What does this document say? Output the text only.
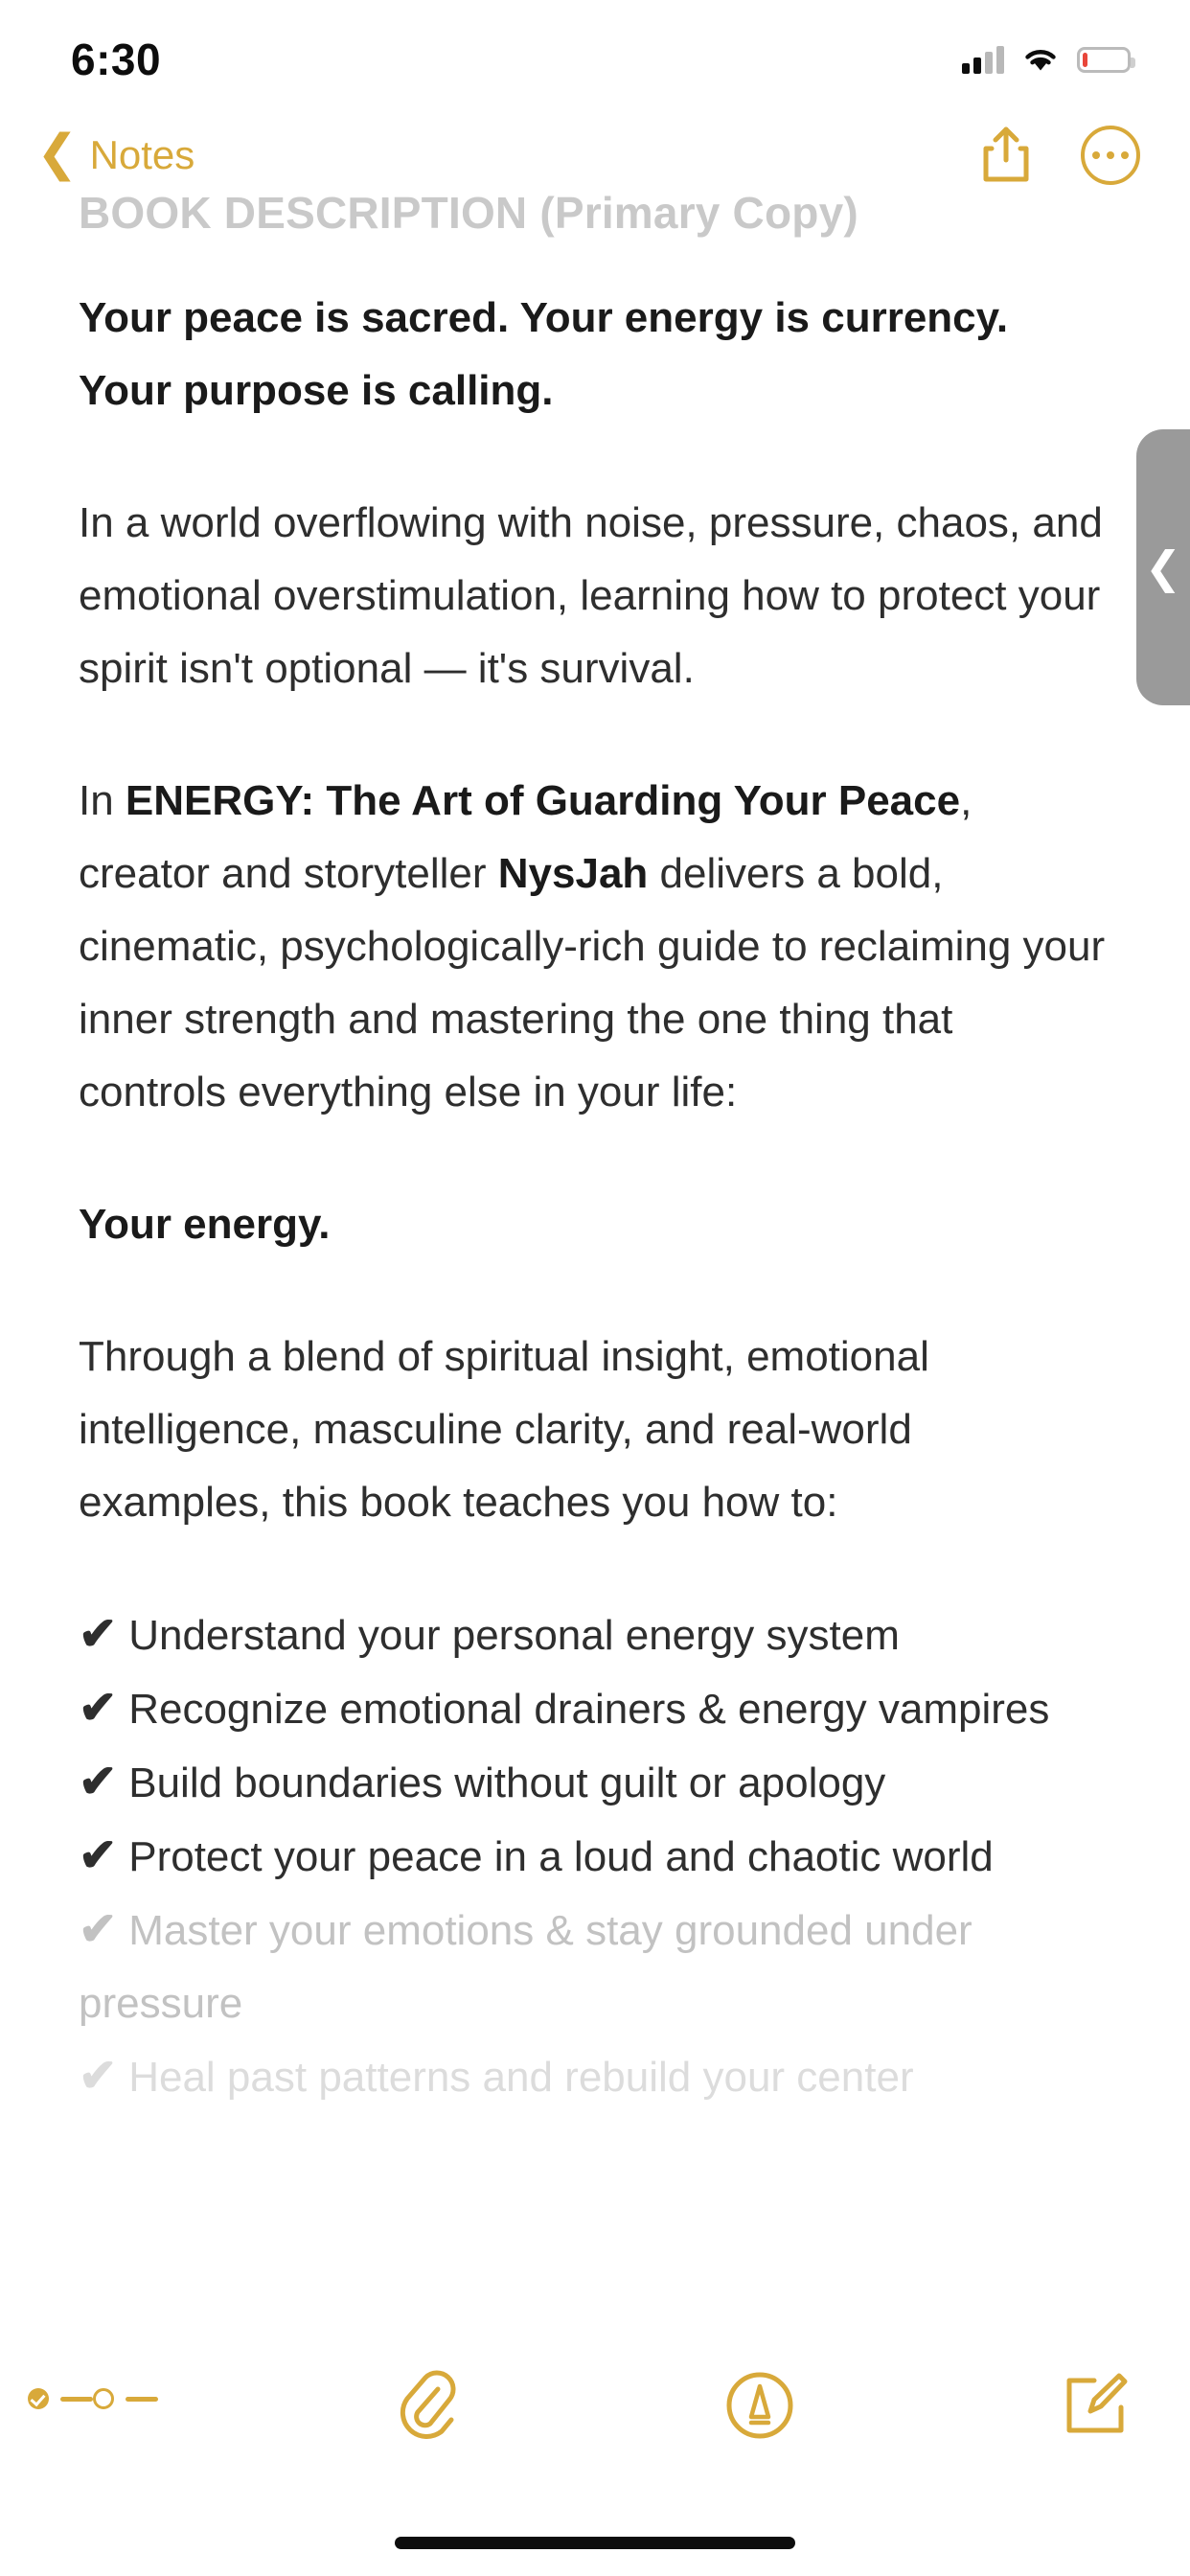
6:30
❮ Notes
BOOK DESCRIPTION (Primary Copy)
Your peace is sacred. Your energy is currency. Your purpose is calling.
In a world overflowing with noise, pressure, chaos, and emotional overstimulation, learning how to protect your spirit isn't optional — it's survival.
In ENERGY: The Art of Guarding Your Peace, creator and storyteller NysJah delivers a bold, cinematic, psychologically-rich guide to reclaiming your inner strength and mastering the one thing that controls everything else in your life:
Your energy.
Through a blend of spiritual insight, emotional intelligence, masculine clarity, and real-world examples, this book teaches you how to:
✔ Understand your personal energy system
✔ Recognize emotional drainers & energy vampires
✔ Build boundaries without guilt or apology
✔ Protect your peace in a loud and chaotic world
✔ Master your emotions & stay grounded under pressure
✔ Heal past patterns and rebuild your center
❮
